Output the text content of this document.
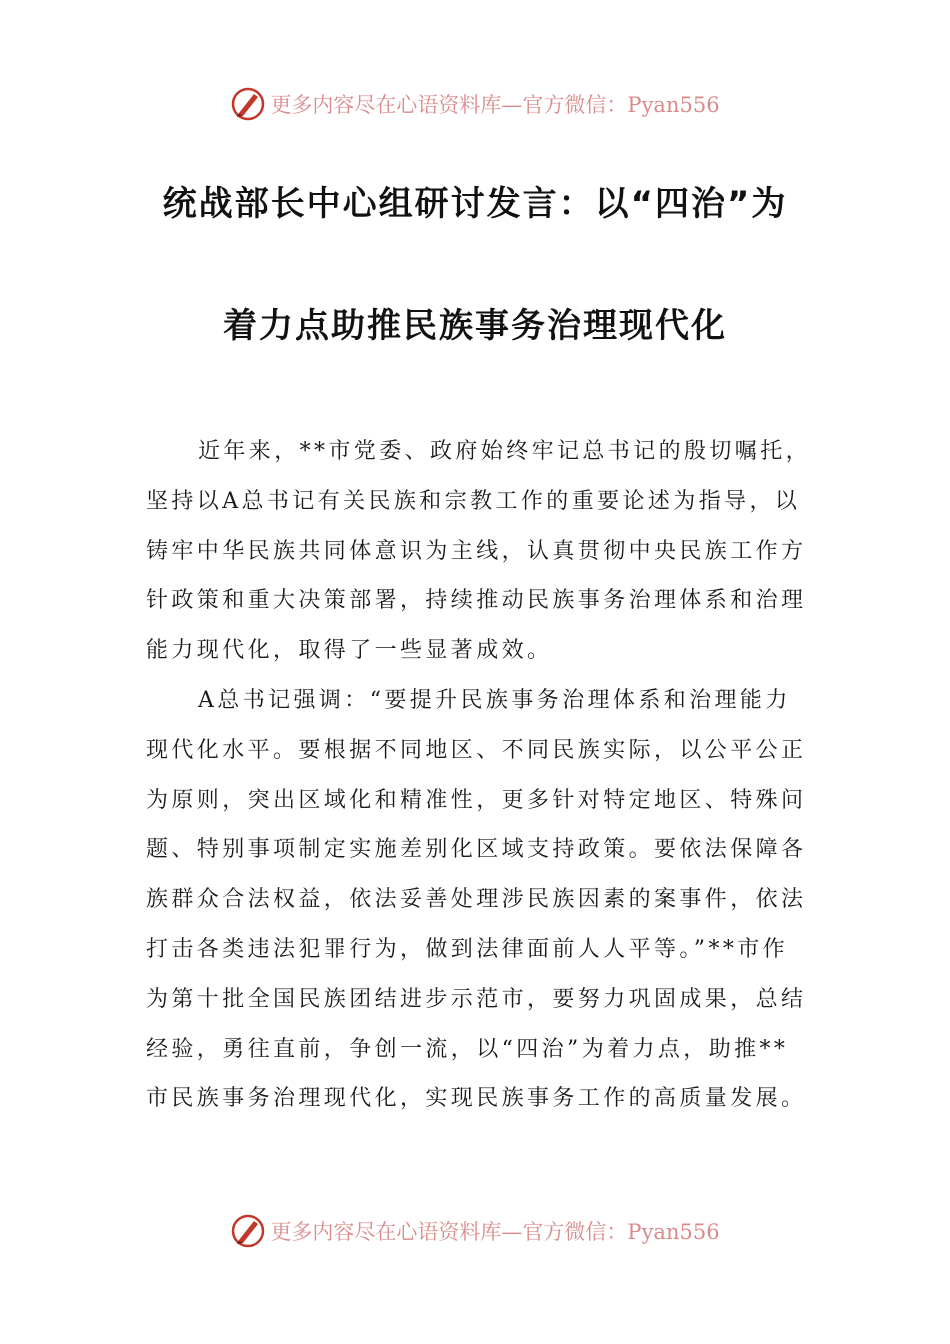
更多内容尽在心语资料库—官方微信：Pyan556
统战部长中心组研讨发言：以“四治”为
着力点助推民族事务治理现代化

近年来，**市党委、政府始终牢记总书记的殷切嘱托，坚持以A总书记有关民族和宗教工作的重要论述为指导，以铸牢中华民族共同体意识为主线，认真贯彻中央民族工作方针政策和重大决策部署，持续推动民族事务治理体系和治理能力现代化，取得了一些显著成效。

A总书记强调：“要提升民族事务治理体系和治理能力现代化水平。要根据不同地区、不同民族实际，以公平公正为原则，突出区域化和精准性，更多针对特定地区、特殊问题、特别事项制定实施差别化区域支持政策。要依法保障各族群众合法权益，依法妥善处理涉民族因素的案事件，依法打击各类违法犯罪行为，做到法律面前人人平等。”**市作为第十批全国民族团结进步示范市，要努力巩固成果，总结经验，勇往直前，争创一流，以“四治”为着力点，助推**市民族事务治理现代化，实现民族事务工作的高质量发展。

更多内容尽在心语资料库—官方微信：Pyan556
